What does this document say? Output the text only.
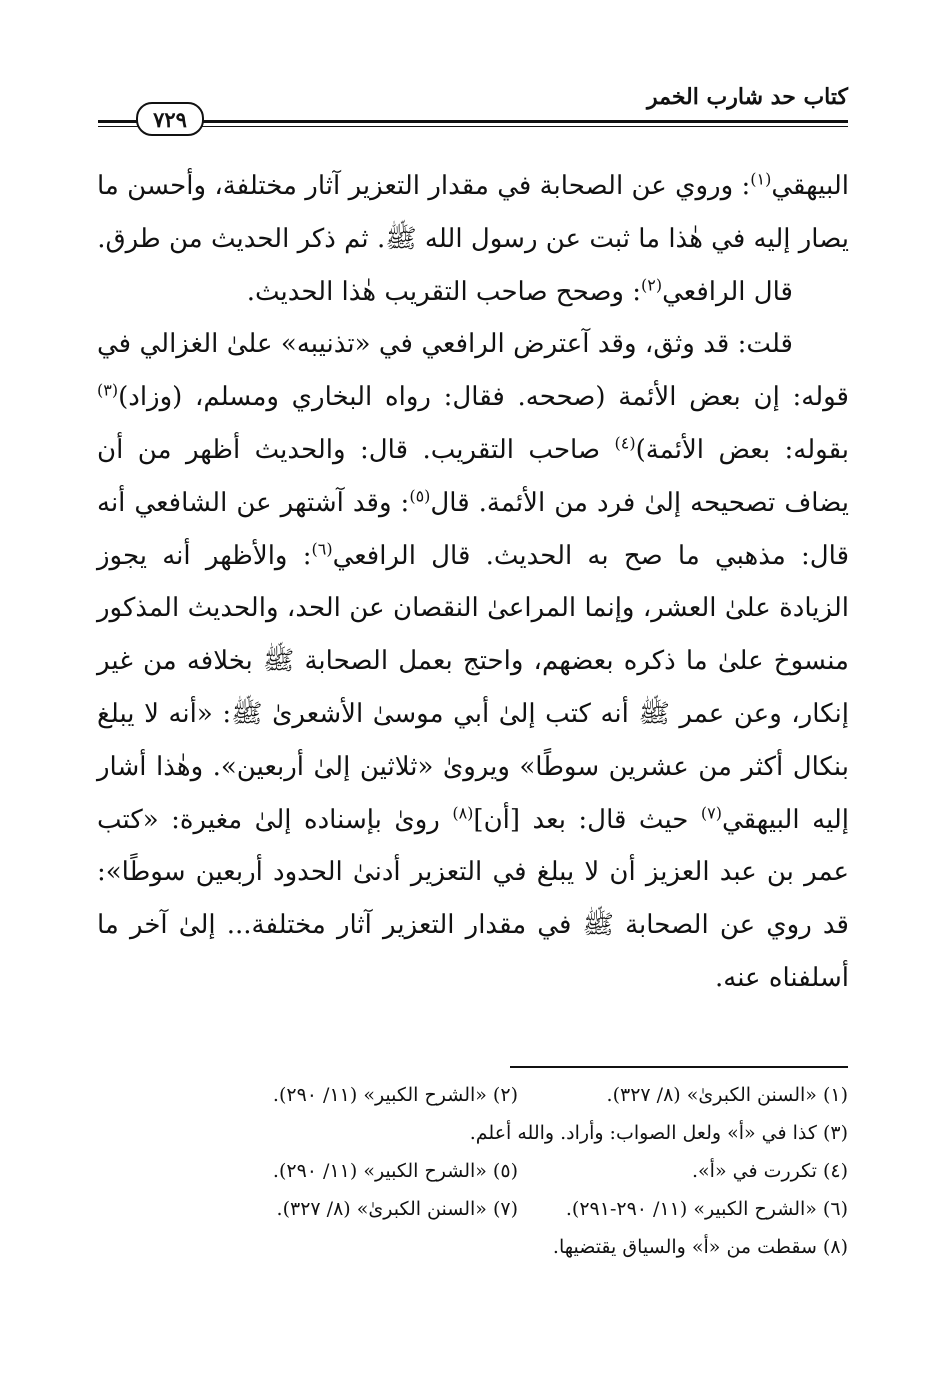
كتاب حد شارب الخمر
٧٢٩

البيهقي$^{(١)}$: وروي عن الصحابة في مقدار التعزير آثار مختلفة، وأحسن ما يصار إليه في هٰذا ما ثبت عن رسول الله ﷺ. ثم ذكر الحديث من طرق.

قال الرافعي$^{(٢)}$: وصحح صاحب التقريب هٰذا الحديث.

قلت: قد وثق، وقد آعترض الرافعي في «تذنيبه» علىٰ الغزالي في قوله: إن بعض الأئمة (صححه. فقال: رواه البخاري ومسلم، (وزاد)$^{(٣)}$ بقوله: بعض الأئمة)$^{(٤)}$ صاحب التقريب. قال: والحديث أظهر من أن يضاف تصحيحه إلىٰ فرد من الأئمة. قال$^{(٥)}$: وقد آشتهر عن الشافعي أنه قال: مذهبي ما صح به الحديث. قال الرافعي$^{(٦)}$: والأظهر أنه يجوز الزيادة علىٰ العشر، وإنما المراعىٰ النقصان عن الحد، والحديث المذكور منسوخ علىٰ ما ذكره بعضهم، واحتج بعمل الصحابة ﷺ بخلافه من غير إنكار، وعن عمر ﷺ أنه كتب إلىٰ أبي موسىٰ الأشعرىٰ ﷺ: «أنه لا يبلغ بنكال أكثر من عشرين سوطًا» ويروىٰ «ثلاثين إلىٰ أربعين». وهٰذا أشار إليه البيهقي$^{(٧)}$ حيث قال: بعد [أن]$^{(٨)}$ روىٰ بإسناده إلىٰ مغيرة: «كتب عمر بن عبد العزيز أن لا يبلغ في التعزير أدنىٰ الحدود أربعين سوطًا»: قد روي عن الصحابة ﷺ في مقدار التعزير آثار مختلفة... إلىٰ آخر ما أسلفناه عنه.

(١) «السنن الكبرىٰ» (٨/ ٣٢٧).
(٢) «الشرح الكبير» (١١/ ٢٩٠).
(٣) كذا في «أ» ولعل الصواب: وأراد. والله أعلم.
(٤) تكررت في «أ».
(٥) «الشرح الكبير» (١١/ ٢٩٠).
(٦) «الشرح الكبير» (١١/ ٢٩٠-٢٩١).
(٧) «السنن الكبرىٰ» (٨/ ٣٢٧).
(٨) سقطت من «أ» والسياق يقتضيها.
